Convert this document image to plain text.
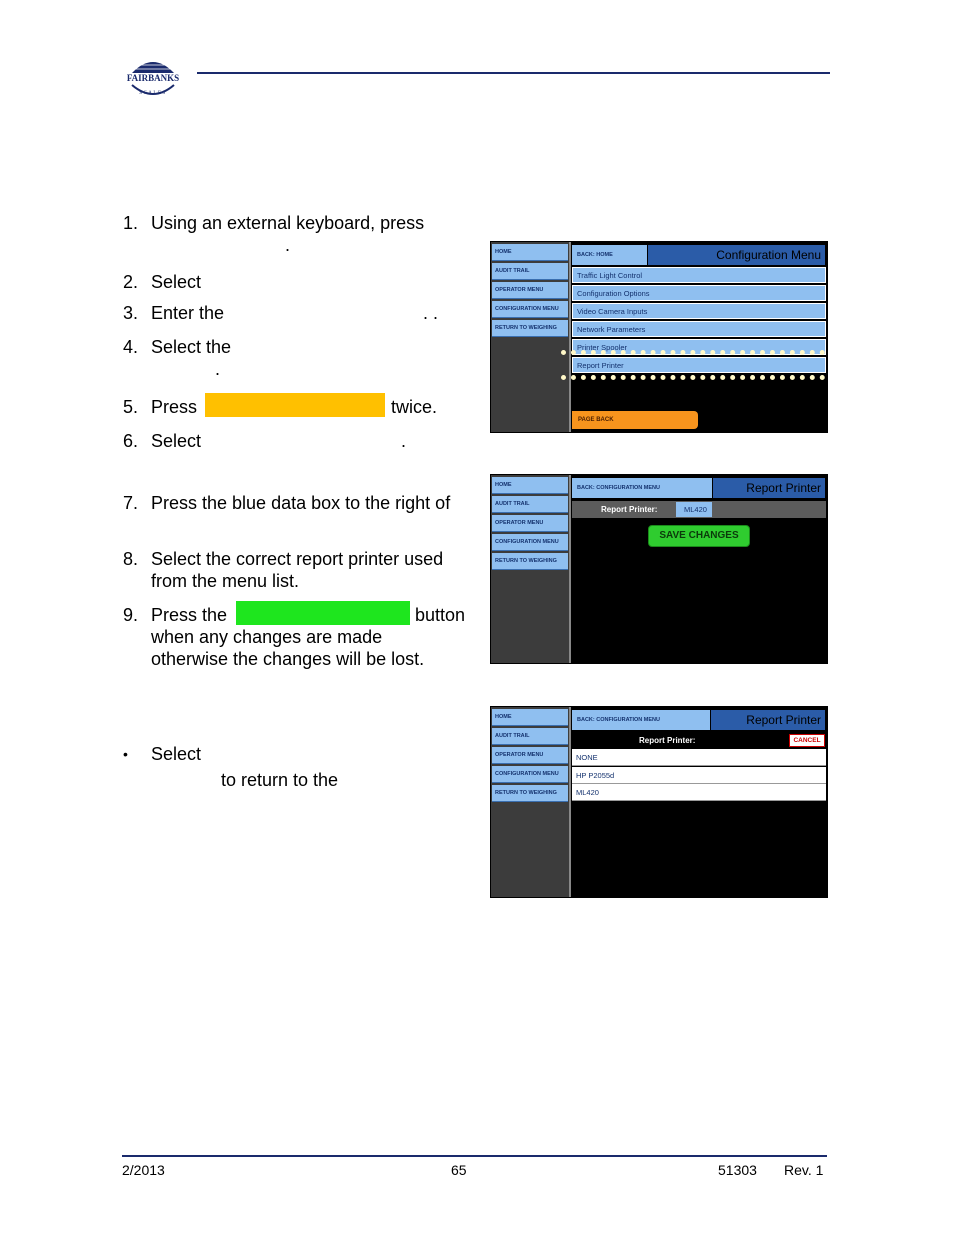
FAIRBANKS
SCALES
1. Using an external keyboard, press
.
2. Select
3. Enter the	. .
4. Select the
.
5. Press	twice.
6. Select	.
7. Press the blue data box to the right of
8. Select the correct report printer used
from the menu list.
9. Press the	button
when any changes are made
otherwise the changes will be lost.
• Select
to return to the
HOME
AUDIT TRAIL
OPERATOR MENU
CONFIGURATION MENU
RETURN TO WEIGHING
BACK: HOME	Configuration Menu
Traffic Light Control
Configuration Options
Video Camera Inputs
Network Parameters
Printer Spooler
Report Printer
PAGE BACK
HOME
AUDIT TRAIL
OPERATOR MENU
CONFIGURATION MENU
RETURN TO WEIGHING
BACK: CONFIGURATION MENU	Report Printer
Report Printer:	ML420
SAVE CHANGES
HOME
AUDIT TRAIL
OPERATOR MENU
CONFIGURATION MENU
RETURN TO WEIGHING
BACK: CONFIGURATION MENU	Report Printer
Report Printer:	CANCEL
NONE
HP P2055d
ML420
2/2013	65	51303 Rev. 1
